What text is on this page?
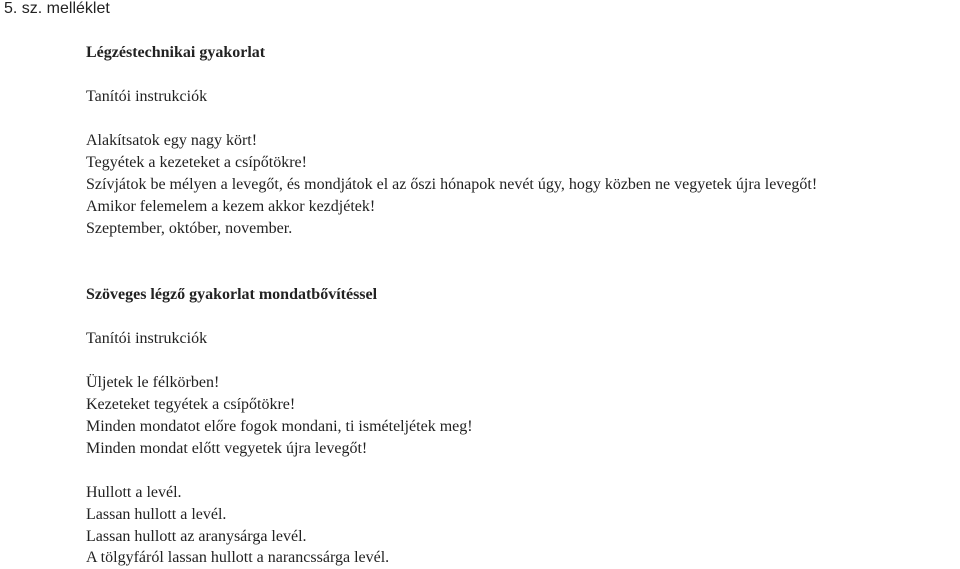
5. sz. melléklet
Légzéstechnikai gyakorlat
Tanítói instrukciók
Alakítsatok egy nagy kört!
Tegyétek a kezeteket a csípőtökre!
Szívjátok be mélyen a levegőt, és mondjátok el az őszi hónapok nevét úgy, hogy közben ne vegyetek újra levegőt!
Amikor felemelem a kezem akkor kezdjétek!
Szeptember, október, november.
Szöveges légző gyakorlat mondatbővítéssel
Tanítói instrukciók
Üljetek le félkörben!
Kezeteket tegyétek a csípőtökre!
Minden mondatot előre fogok mondani, ti ismételjétek meg!
Minden mondat előtt vegyetek újra levegőt!
Hullott a levél.
Lassan hullott a levél.
Lassan hullott az aranysárga levél.
A tölgyfáról lassan hullott a narancssárga levél.
